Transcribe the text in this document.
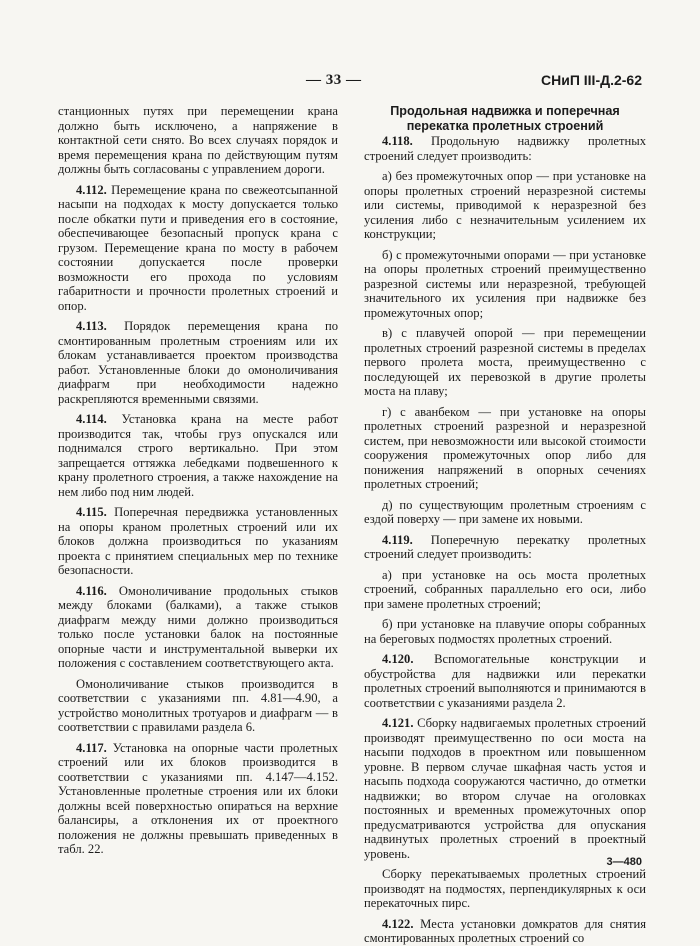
— 33 —	СНиП III-Д.2-62

станционных путях при перемещении крана должно быть исключено, а напряжение в контактной сети снято. Во всех случаях порядок и время перемещения крана по действующим путям должны быть согласованы с управлением дороги.

4.112. Перемещение крана по свежеотсыпанной насыпи на подходах к мосту допускается только после обкатки пути и приведения его в состояние, обеспечивающее безопасный пропуск крана с грузом. Перемещение крана по мосту в рабочем состоянии допускается после проверки возможности его прохода по условиям габаритности и прочности пролетных строений и опор.

4.113. Порядок перемещения крана по смонтированным пролетным строениям или их блокам устанавливается проектом производства работ. Установленные блоки до омоноличивания диафрагм при необходимости надежно раскрепляются временными связями.

4.114. Установка крана на месте работ производится так, чтобы груз опускался или поднимался строго вертикально. При этом запрещается оттяжка лебедками подвешенного к крану пролетного строения, а также нахождение на нем либо под ним людей.

4.115. Поперечная передвижка установленных на опоры краном пролетных строений или их блоков должна производиться по указаниям проекта с принятием специальных мер по технике безопасности.

4.116. Омоноличивание продольных стыков между блоками (балками), а также стыков диафрагм между ними должно производиться только после установки балок на постоянные опорные части и инструментальной выверки их положения с составлением соответствующего акта.

Омоноличивание стыков производится в соответствии с указаниями пп. 4.81—4.90, а устройство монолитных тротуаров и диафрагм — в соответствии с правилами раздела 6.

4.117. Установка на опорные части пролетных строений или их блоков производится в соответствии с указаниями пп. 4.147—4.152. Установленные пролетные строения или их блоки должны всей поверхностью опираться на верхние балансиры, а отклонения их от проектного положения не должны превышать приведенных в табл. 22.

Продольная надвижка и поперечная перекатка пролетных строений

4.118. Продольную надвижку пролетных строений следует производить:

а) без промежуточных опор — при установке на опоры пролетных строений неразрезной системы или системы, приводимой к неразрезной без усиления либо с незначительным усилением их конструкции;

б) с промежуточными опорами — при установке на опоры пролетных строений преимущественно разрезной системы или неразрезной, требующей значительного их усиления при надвижке без промежуточных опор;

в) с плавучей опорой — при перемещении пролетных строений разрезной системы в пределах первого пролета моста, преимущественно с последующей их перевозкой в другие пролеты моста на плаву;

г) с аванбеком — при установке на опоры пролетных строений разрезной и неразрезной систем, при невозможности или высокой стоимости сооружения промежуточных опор либо для понижения напряжений в опорных сечениях пролетных строений;

д) по существующим пролетным строениям с ездой поверху — при замене их новыми.

4.119. Поперечную перекатку пролетных строений следует производить:

а) при установке на ось моста пролетных строений, собранных параллельно его оси, либо при замене пролетных строений;

б) при установке на плавучие опоры собранных на береговых подмостях пролетных строений.

4.120. Вспомогательные конструкции и обустройства для надвижки или перекатки пролетных строений выполняются и принимаются в соответствии с указаниями раздела 2.

4.121. Сборку надвигаемых пролетных строений производят преимущественно по оси моста на насыпи подходов в проектном или повышенном уровне. В первом случае шкафная часть устоя и насыпь подхода сооружаются частично, до отметки надвижки; во втором случае на оголовках постоянных и временных промежуточных опор предусматриваются устройства для опускания надвинутых пролетных строений в проектный уровень.

Сборку перекатываемых пролетных строений производят на подмостях, перпендикулярных к оси перекаточных пирс.

4.122. Места установки домкратов для снятия смонтированных пролетных строений со

3—480
